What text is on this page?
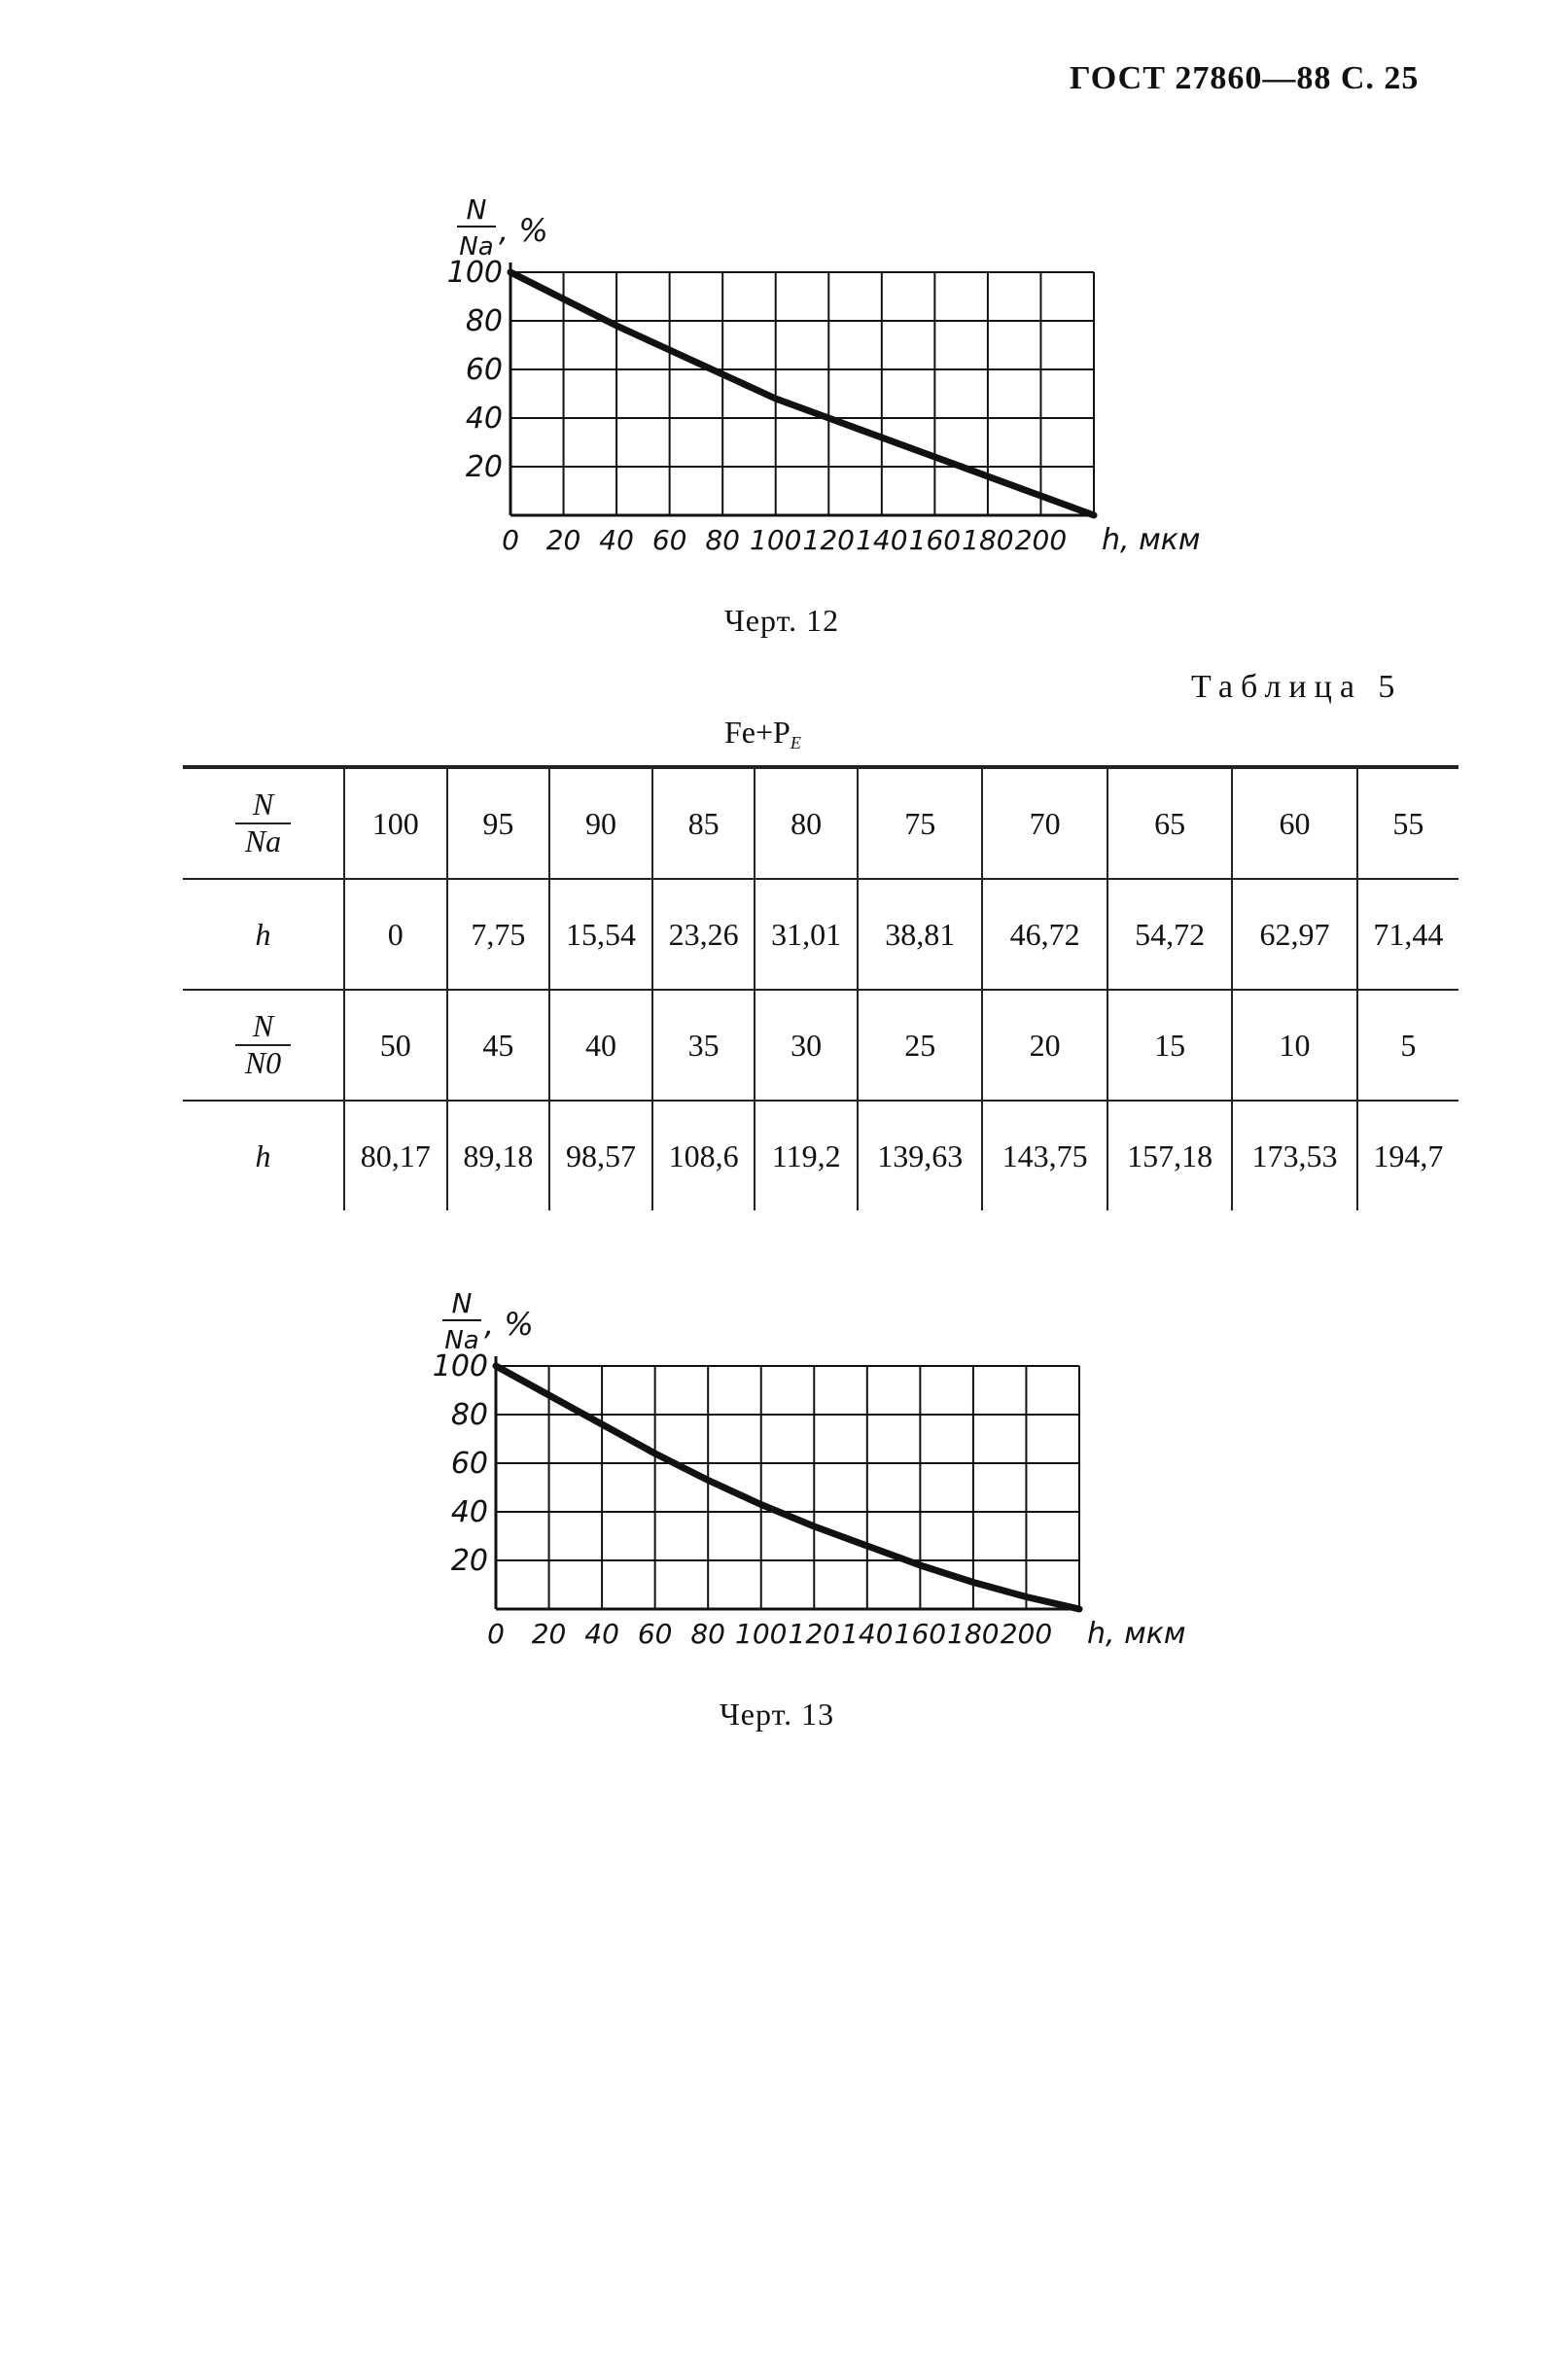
ГОСТ 27860—88 С. 25
100
80
60
40
20
0 20 40 60 80 100 120 140 160 180 200 h, мкм
N
Na , %
Черт. 12
Таблица 5
$Fe+P_E$
$\frac{N}{Na}$	100	95	90	85	80	75	70	65	60	55
h	0	7,75	15,54	23,26	31,01	38,81	46,72	54,72	62,97	71,44

$\frac{N}{N0}$	50	45	40	35	30	25	20	15	10	5
h	80,17	89,18	98,57	108,6	119,2	139,63	143,75	157,18	173,53	194,7
100
80
60
40
20
0 20 40 60 80 100 120 140 160 180 200 h, мкм
N
Na , %
Черт. 13
